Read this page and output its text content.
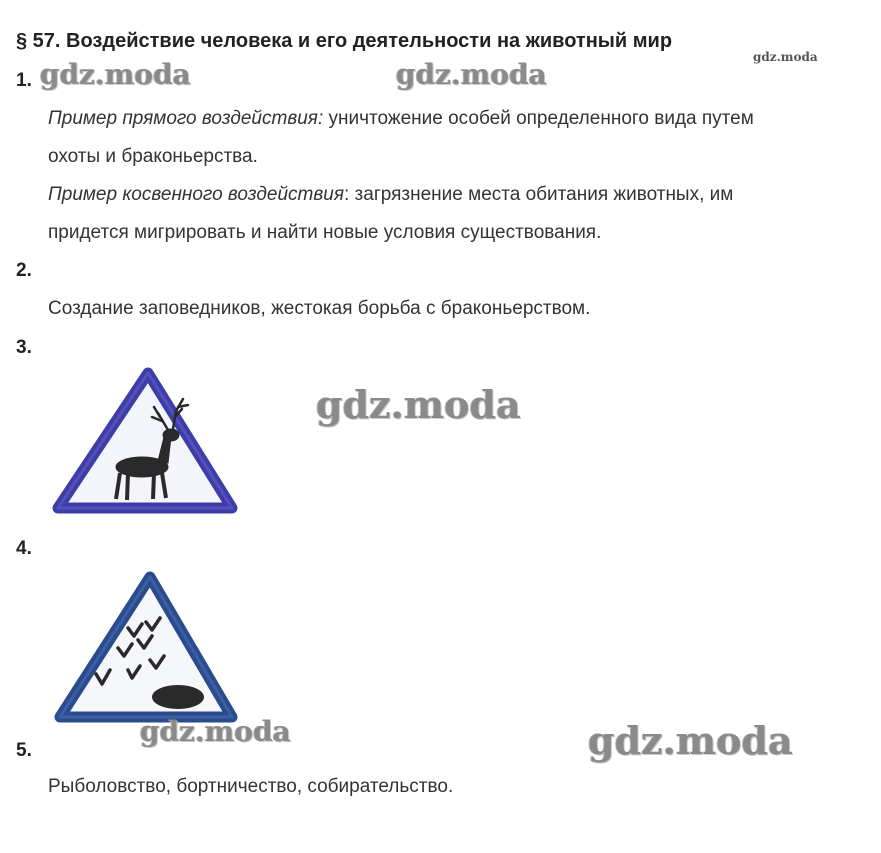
§ 57. Воздействие человека и его деятельности на животный мир
gdz.moda
1. gdz.moda	gdz.moda
Пример прямого воздействия: уничтожение особей определенного вида путем
охоты и браконьерства.
Пример косвенного воздействия: загрязнение места обитания животных, им
придется мигрировать и найти новые условия существования.
2.
Создание заповедников, жестокая борьба с браконьерством.
3.
gdz.moda
4.
gdz.moda	gdz.moda
5.
Рыболовство, бортничество, собирательство.
